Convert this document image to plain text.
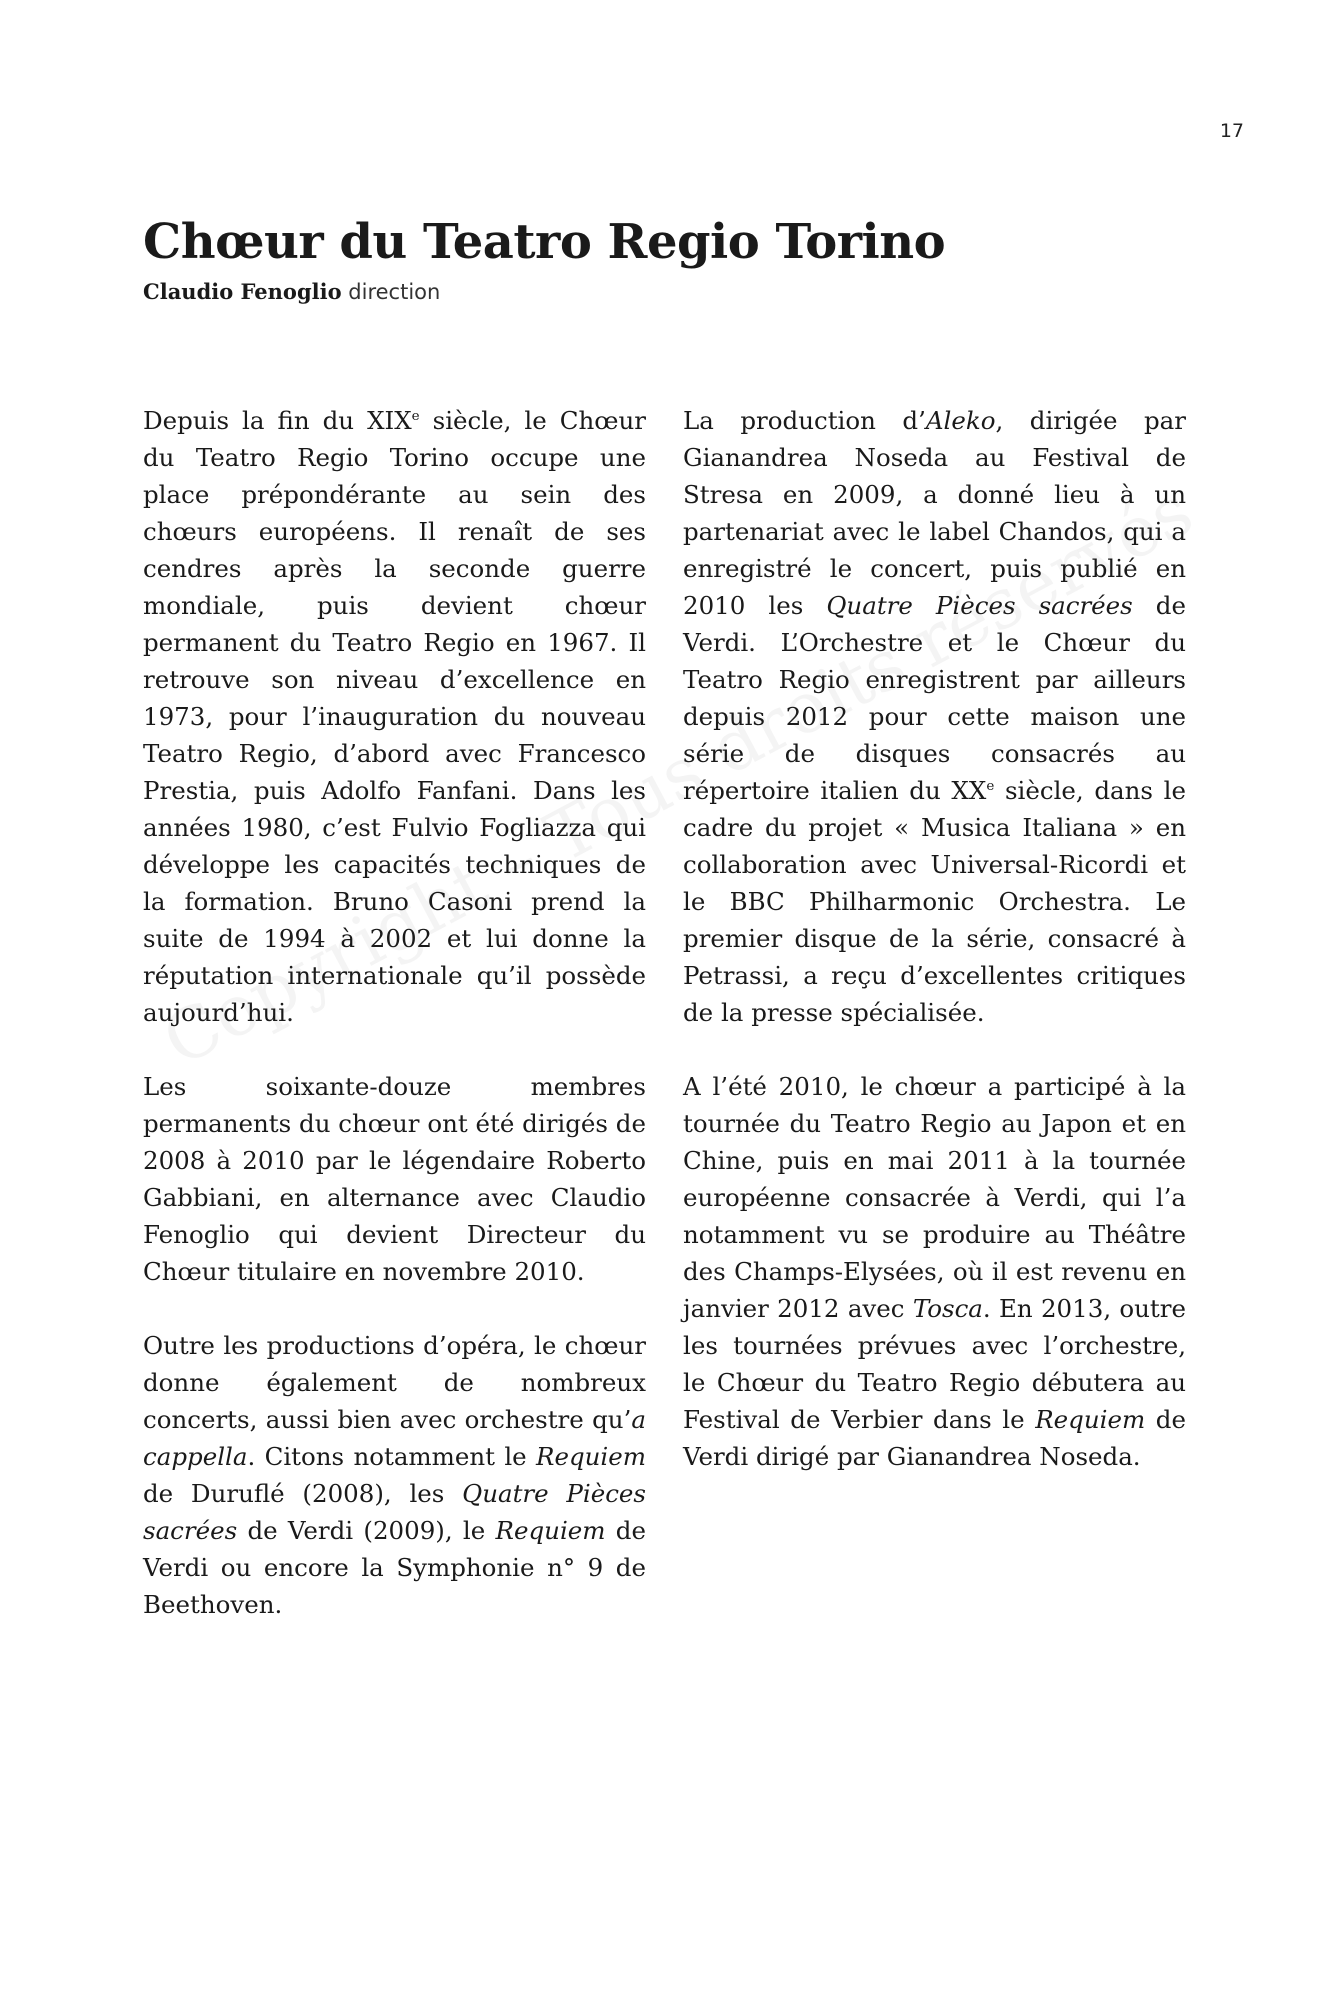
17
Chœur du Teatro Regio Torino
Claudio Fenoglio direction

Depuis la fin du XIXe siècle, le Chœur du Teatro Regio Torino occupe une place prépondérante au sein des chœurs européens. Il renaît de ses cendres après la seconde guerre mondiale, puis devient chœur permanent du Teatro Regio en 1967. Il retrouve son niveau d’excellence en 1973, pour l’inauguration du nouveau Teatro Regio, d’abord avec Francesco Prestia, puis Adolfo Fanfani. Dans les années 1980, c’est Fulvio Fogliazza qui développe les capacités techniques de la formation. Bruno Casoni prend la suite de 1994 à 2002 et lui donne la réputation internationale qu’il possède aujourd’hui.

Les soixante-douze membres permanents du chœur ont été dirigés de 2008 à 2010 par le légendaire Roberto Gabbiani, en alternance avec Claudio Fenoglio qui devient Directeur du Chœur titulaire en novembre 2010.

Outre les productions d’opéra, le chœur donne également de nombreux concerts, aussi bien avec orchestre qu’a cappella. Citons notamment le Requiem de Duruflé (2008), les Quatre Pièces sacrées de Verdi (2009), le Requiem de Verdi ou encore la Symphonie n° 9 de Beethoven.

La production d’Aleko, dirigée par Gianandrea Noseda au Festival de Stresa en 2009, a donné lieu à un partenariat avec le label Chandos, qui a enregistré le concert, puis publié en 2010 les Quatre Pièces sacrées de Verdi. L’Orchestre et le Chœur du Teatro Regio enregistrent par ailleurs depuis 2012 pour cette maison une série de disques consacrés au répertoire italien du XXe siècle, dans le cadre du projet « Musica Italiana » en collaboration avec Universal-Ricordi et le BBC Philharmonic Orchestra. Le premier disque de la série, consacré à Petrassi, a reçu d’excellentes critiques de la presse spécialisée.

A l’été 2010, le chœur a participé à la tournée du Teatro Regio au Japon et en Chine, puis en mai 2011 à la tournée européenne consacrée à Verdi, qui l’a notamment vu se produire au Théâtre des Champs-Elysées, où il est revenu en janvier 2012 avec Tosca. En 2013, outre les tournées prévues avec l’orchestre, le Chœur du Teatro Regio débutera au Festival de Verbier dans le Requiem de Verdi dirigé par Gianandrea Noseda.
